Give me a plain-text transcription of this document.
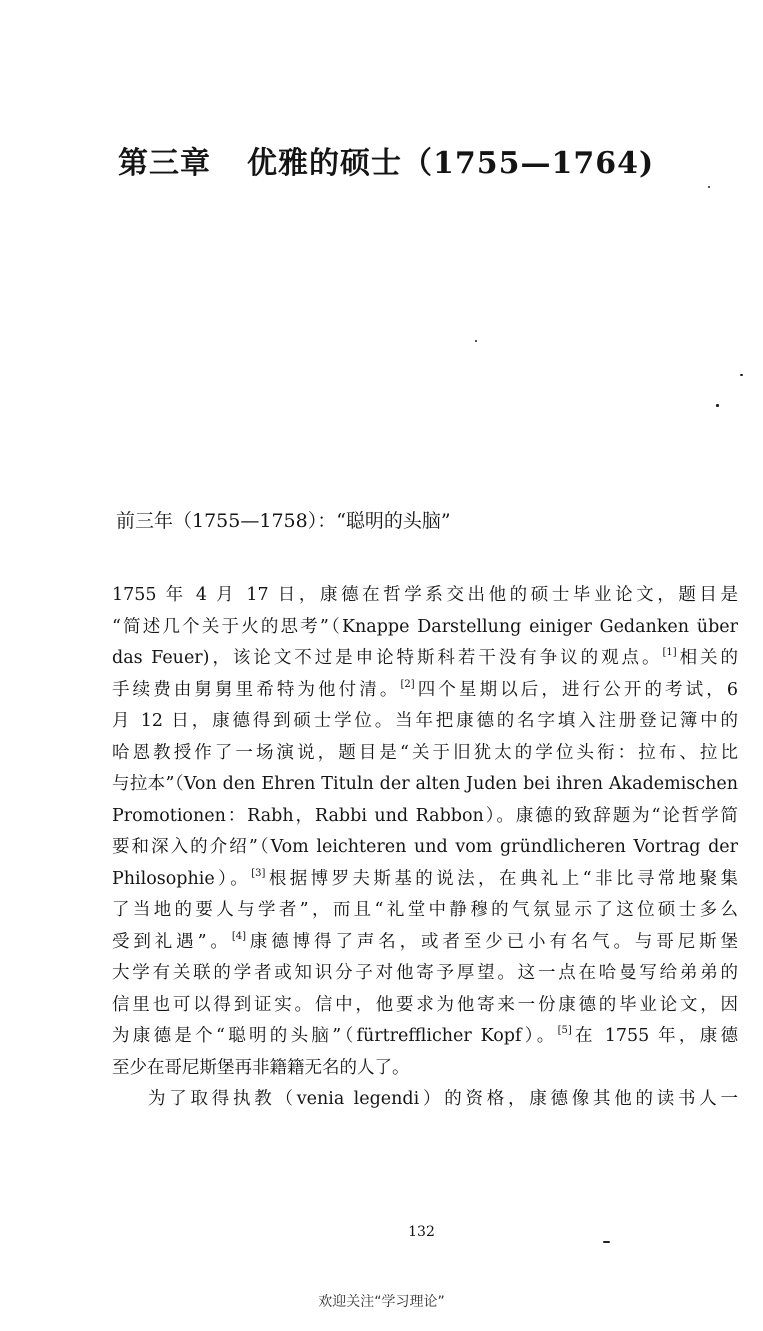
第三章 优雅的硕士（1755—1764)
前三年（1755—1758）：“聪明的头脑”
1755 年 4 月 17 日，康德在哲学系交出他的硕士毕业论文，题目是
“简述几个关于火的思考”（Knappe Darstellung einiger Gedanken über
das Feuer)，该论文不过是申论特斯科若干没有争议的观点。[1]相关的
手续费由舅舅里希特为他付清。[2]四个星期以后，进行公开的考试，6
月 12 日，康德得到硕士学位。当年把康德的名字填入注册登记簿中的
哈恩教授作了一场演说，题目是“关于旧犹太的学位头衔：拉布、拉比
与拉本”（Von den Ehren Tituln der alten Juden bei ihren Akademischen
Promotionen：Rabh，Rabbi und Rabbon）。康德的致辞题为“论哲学简
要和深入的介绍”（Vom leichteren und vom gründlicheren Vortrag der
Philosophie）。[3]根据博罗夫斯基的说法，在典礼上“非比寻常地聚集
了当地的要人与学者”，而且“礼堂中静穆的气氛显示了这位硕士多么
受到礼遇”。[4]康德博得了声名，或者至少已小有名气。与哥尼斯堡
大学有关联的学者或知识分子对他寄予厚望。这一点在哈曼写给弟弟的
信里也可以得到证实。信中，他要求为他寄来一份康德的毕业论文，因
为康德是个“聪明的头脑”（fürtrefflicher Kopf）。[5]在 1755 年，康德
至少在哥尼斯堡再非籍籍无名的人了。
为了取得执教（venia legendi）的资格，康德像其他的读书人一
132
欢迎关注“学习理论”
